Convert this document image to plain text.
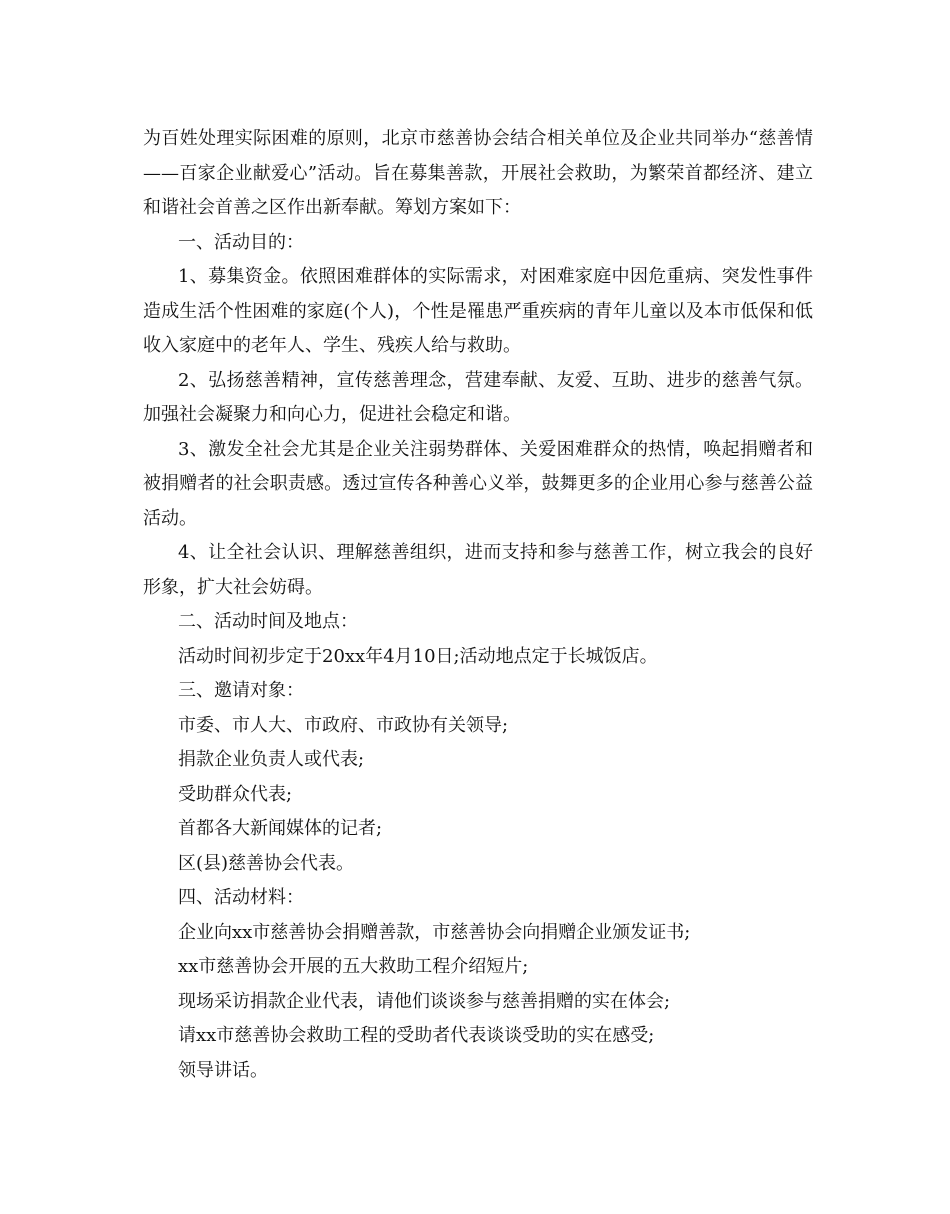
为百姓处理实际困难的原则，北京市慈善协会结合相关单位及企业共同举办“慈善情——百家企业献爱心”活动。旨在募集善款，开展社会救助，为繁荣首都经济、建立和谐社会首善之区作出新奉献。筹划方案如下：

一、活动目的：

1、募集资金。依照困难群体的实际需求，对困难家庭中因危重病、突发性事件造成生活个性困难的家庭(个人)，个性是罹患严重疾病的青年儿童以及本市低保和低收入家庭中的老年人、学生、残疾人给与救助。

2、弘扬慈善精神，宣传慈善理念，营建奉献、友爱、互助、进步的慈善气氛。加强社会凝聚力和向心力，促进社会稳定和谐。

3、激发全社会尤其是企业关注弱势群体、关爱困难群众的热情，唤起捐赠者和被捐赠者的社会职责感。透过宣传各种善心义举，鼓舞更多的企业用心参与慈善公益活动。

4、让全社会认识、理解慈善组织，进而支持和参与慈善工作，树立我会的良好形象，扩大社会妨碍。

二、活动时间及地点：

活动时间初步定于20xx年4月10日;活动地点定于长城饭店。

三、邀请对象：

市委、市人大、市政府、市政协有关领导;

捐款企业负责人或代表;

受助群众代表;

首都各大新闻媒体的记者;

区(县)慈善协会代表。

四、活动材料：

企业向xx市慈善协会捐赠善款，市慈善协会向捐赠企业颁发证书;

xx市慈善协会开展的五大救助工程介绍短片;

现场采访捐款企业代表，请他们谈谈参与慈善捐赠的实在体会;

请xx市慈善协会救助工程的受助者代表谈谈受助的实在感受;

领导讲话。
